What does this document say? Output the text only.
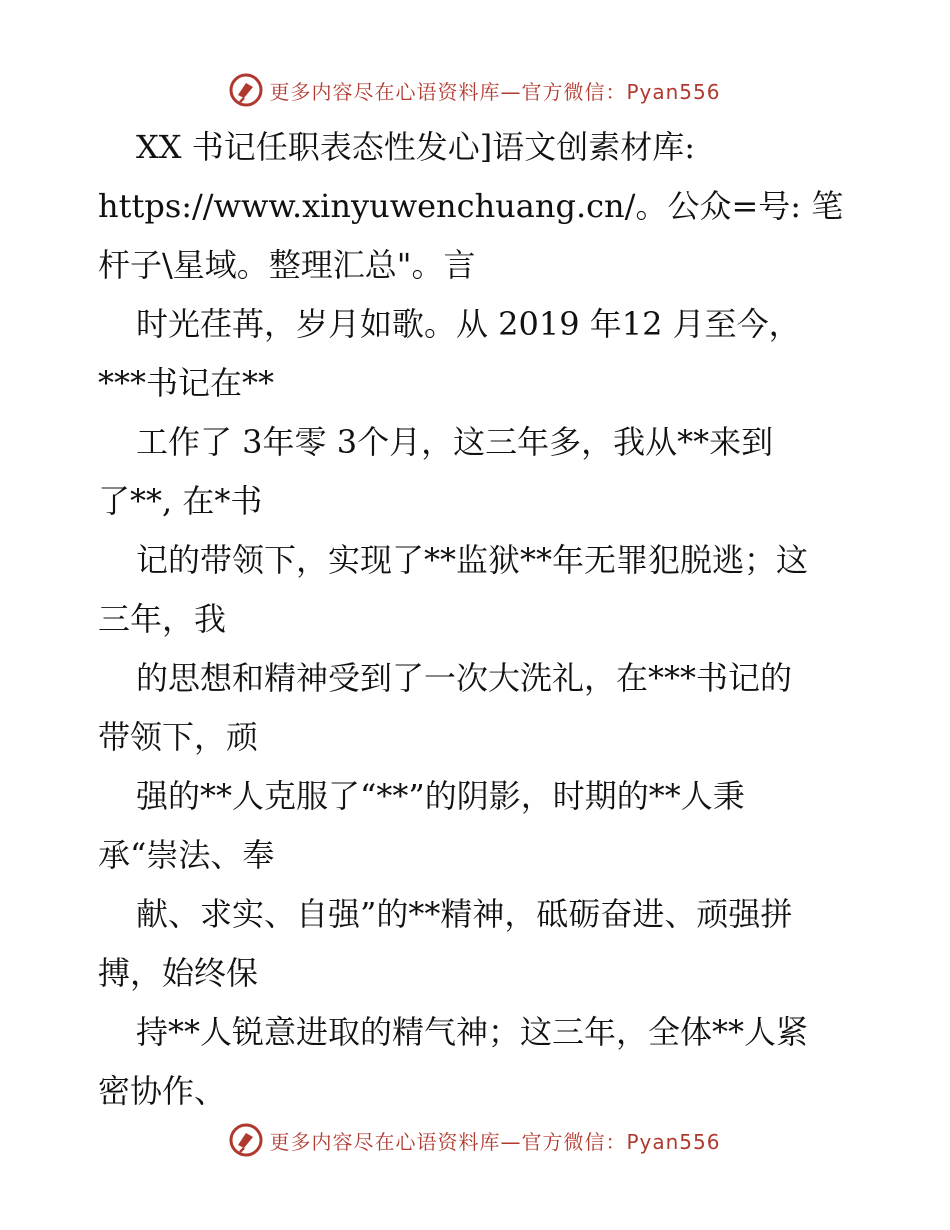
更多内容尽在心语资料库—官方微信：Pyan556
XX 书记任职表态性发心]语文创素材库:
https://www.xinyuwenchuang.cn/。公众=号: 笔
杆子\星域。整理汇总"。言
时光荏苒，岁月如歌。从 2019 年12 月至今，
***书记在**
工作了 3年零 3个月，这三年多，我从**来到
了**, 在*书
记的带领下，实现了**监狱**年无罪犯脱逃；这
三年，我
的思想和精神受到了一次大洗礼，在***书记的
带领下，顽
强的**人克服了“**”的阴影，时期的**人秉
承“崇法、奉
献、求实、自强”的**精神，砥砺奋进、顽强拼
搏，始终保
持**人锐意进取的精气神；这三年，全体**人紧
密协作、
更多内容尽在心语资料库—官方微信：Pyan556
